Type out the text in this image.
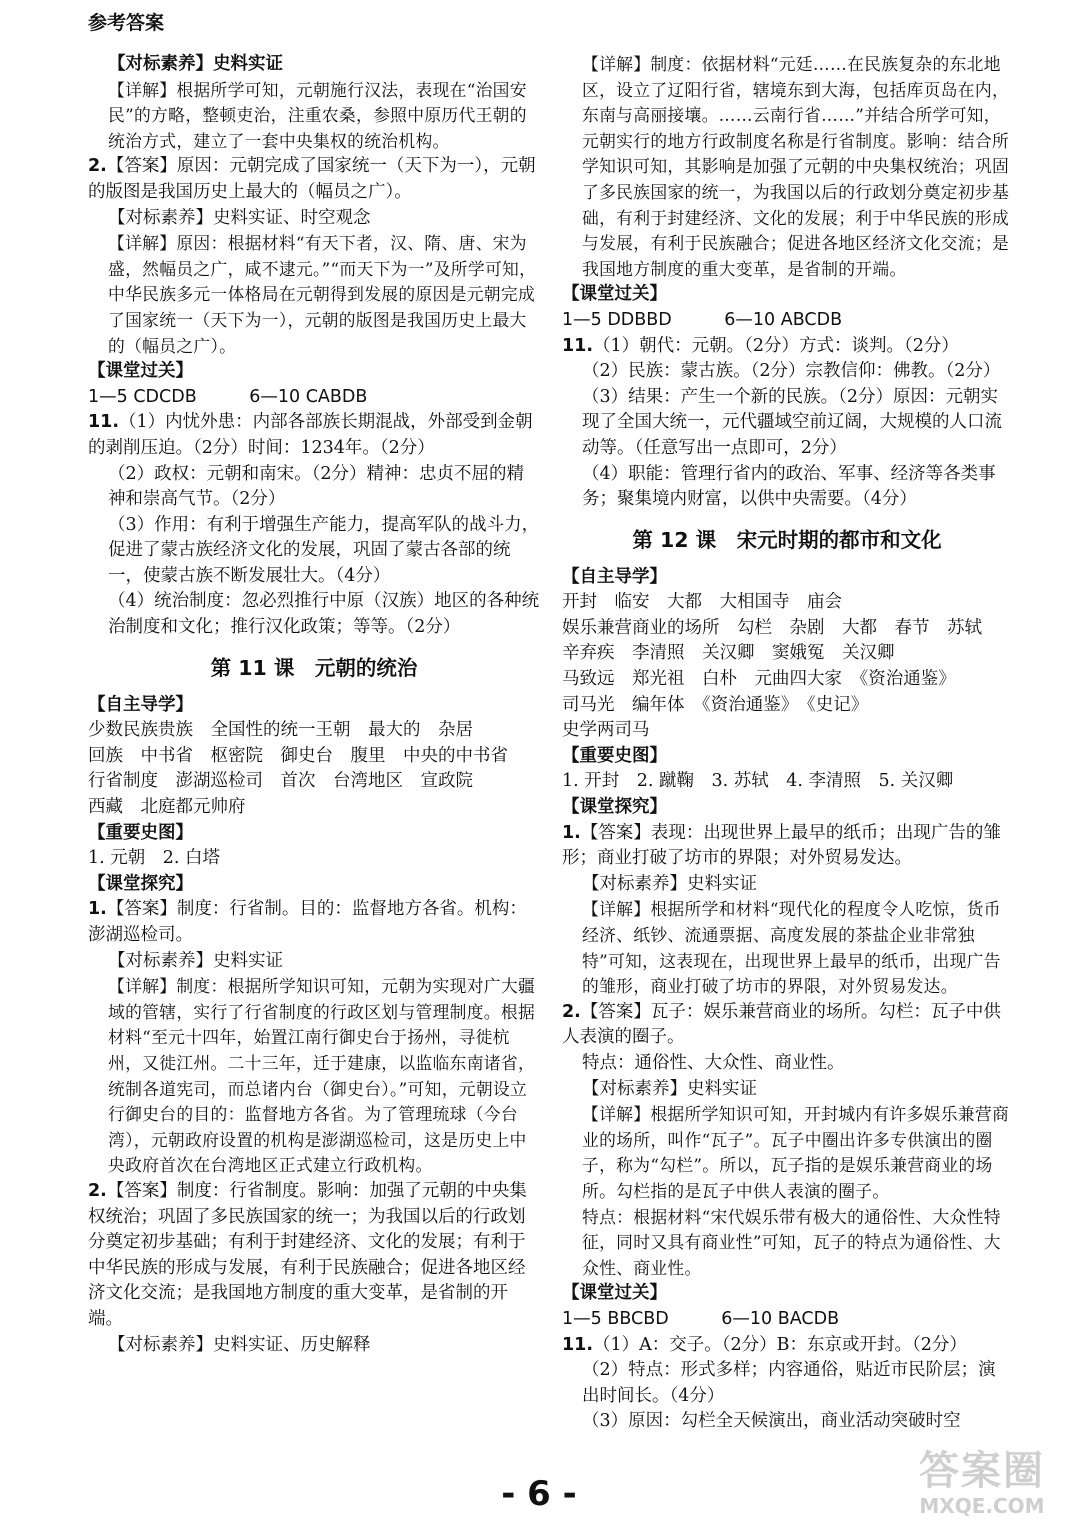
参考答案

【对标素养】史料实证

【详解】根据所学可知，元朝施行汉法，表现在“治国安民”的方略，整顿吏治，注重农桑，参照中原历代王朝的统治方式，建立了一套中央集权的统治机构。

2.【答案】原因：元朝完成了国家统一（天下为一），元朝的版图是我国历史上最大的（幅员之广）。

【对标素养】史料实证、时空观念

【详解】原因：根据材料“有天下者，汉、隋、唐、宋为盛，然幅员之广，咸不逮元。”“而天下为一”及所学可知，中华民族多元一体格局在元朝得到发展的原因是元朝完成了国家统一（天下为一），元朝的版图是我国历史上最大的（幅员之广）。

【课堂过关】

1—5 CDCDB　　　6—10 CABDB

11.（1）内忧外患：内部各部族长期混战，外部受到金朝的剥削压迫。（2分）时间：1234年。（2分）

（2）政权：元朝和南宋。（2分）精神：忠贞不屈的精神和崇高气节。（2分）

（3）作用：有利于增强生产能力，提高军队的战斗力，促进了蒙古族经济文化的发展，巩固了蒙古各部的统一，使蒙古族不断发展壮大。（4分）

（4）统治制度：忽必烈推行中原（汉族）地区的各种统治制度和文化；推行汉化政策；等等。（2分）

第 11 课　元朝的统治

【自主导学】

少数民族贵族　全国性的统一王朝　最大的　杂居

回族　中书省　枢密院　御史台　腹里　中央的中书省

行省制度　澎湖巡检司　首次　台湾地区　宣政院

西藏　北庭都元帅府

【重要史图】

1. 元朝　2. 白塔

【课堂探究】

1.【答案】制度：行省制。目的：监督地方各省。机构：澎湖巡检司。

【对标素养】史料实证

【详解】制度：根据所学知识可知，元朝为实现对广大疆域的管辖，实行了行省制度的行政区划与管理制度。根据材料“至元十四年，始置江南行御史台于扬州，寻徙杭州，又徙江州。二十三年，迁于建康，以监临东南诸省，统制各道宪司，而总诸内台（御史台）。”可知，元朝设立行御史台的目的：监督地方各省。为了管理琉球（今台湾），元朝政府设置的机构是澎湖巡检司，这是历史上中央政府首次在台湾地区正式建立行政机构。

2.【答案】制度：行省制度。影响：加强了元朝的中央集权统治；巩固了多民族国家的统一；为我国以后的行政划分奠定初步基础；有利于封建经济、文化的发展；有利于中华民族的形成与发展，有利于民族融合；促进各地区经济文化交流；是我国地方制度的重大变革，是省制的开端。

【对标素养】史料实证、历史解释

【详解】制度：依据材料“元廷……在民族复杂的东北地区，设立了辽阳行省，辖境东到大海，包括库页岛在内，东南与高丽接壤。……云南行省……”并结合所学可知，元朝实行的地方行政制度名称是行省制度。影响：结合所学知识可知，其影响是加强了元朝的中央集权统治；巩固了多民族国家的统一，为我国以后的行政划分奠定初步基础，有利于封建经济、文化的发展；利于中华民族的形成与发展，有利于民族融合；促进各地区经济文化交流；是我国地方制度的重大变革，是省制的开端。

【课堂过关】

1—5 DDBBD　　　6—10 ABCDB

11.（1）朝代：元朝。（2分）方式：谈判。（2分）

（2）民族：蒙古族。（2分）宗教信仰：佛教。（2分）

（3）结果：产生一个新的民族。（2分）原因：元朝实现了全国大统一，元代疆域空前辽阔，大规模的人口流动等。（任意写出一点即可，2分）

（4）职能：管理行省内的政治、军事、经济等各类事务；聚集境内财富，以供中央需要。（4分）

第 12 课　宋元时期的都市和文化

【自主导学】

开封　临安　大都　大相国寺　庙会

娱乐兼营商业的场所　勾栏　杂剧　大都　春节　苏轼

辛弃疾　李清照　关汉卿　窦娥冤　关汉卿

马致远　郑光祖　白朴　元曲四大家　《资治通鉴》

司马光　编年体　《资治通鉴》　《史记》

史学两司马

【重要史图】

1. 开封　2. 蹴鞠　3. 苏轼　4. 李清照　5. 关汉卿

【课堂探究】

1.【答案】表现：出现世界上最早的纸币；出现广告的雏形；商业打破了坊市的界限；对外贸易发达。

【对标素养】史料实证

【详解】根据所学和材料“现代化的程度令人吃惊，货币经济、纸钞、流通票据、高度发展的茶盐企业非常独特”可知，这表现在，出现世界上最早的纸币，出现广告的雏形，商业打破了坊市的界限，对外贸易发达。

2.【答案】瓦子：娱乐兼营商业的场所。勾栏：瓦子中供人表演的圈子。

特点：通俗性、大众性、商业性。

【对标素养】史料实证

【详解】根据所学知识可知，开封城内有许多娱乐兼营商业的场所，叫作“瓦子”。瓦子中圈出许多专供演出的圈子，称为“勾栏”。所以，瓦子指的是娱乐兼营商业的场所。勾栏指的是瓦子中供人表演的圈子。

特点：根据材料“宋代娱乐带有极大的通俗性、大众性特征，同时又具有商业性”可知，瓦子的特点为通俗性、大众性、商业性。

【课堂过关】

1—5 BBCBD　　　6—10 BACDB

11.（1）A：交子。（2分）B：东京或开封。（2分）

（2）特点：形式多样；内容通俗，贴近市民阶层；演出时间长。（4分）

（3）原因：勾栏全天候演出，商业活动突破时空

- 6 -	答案圈
MXQE.COM
